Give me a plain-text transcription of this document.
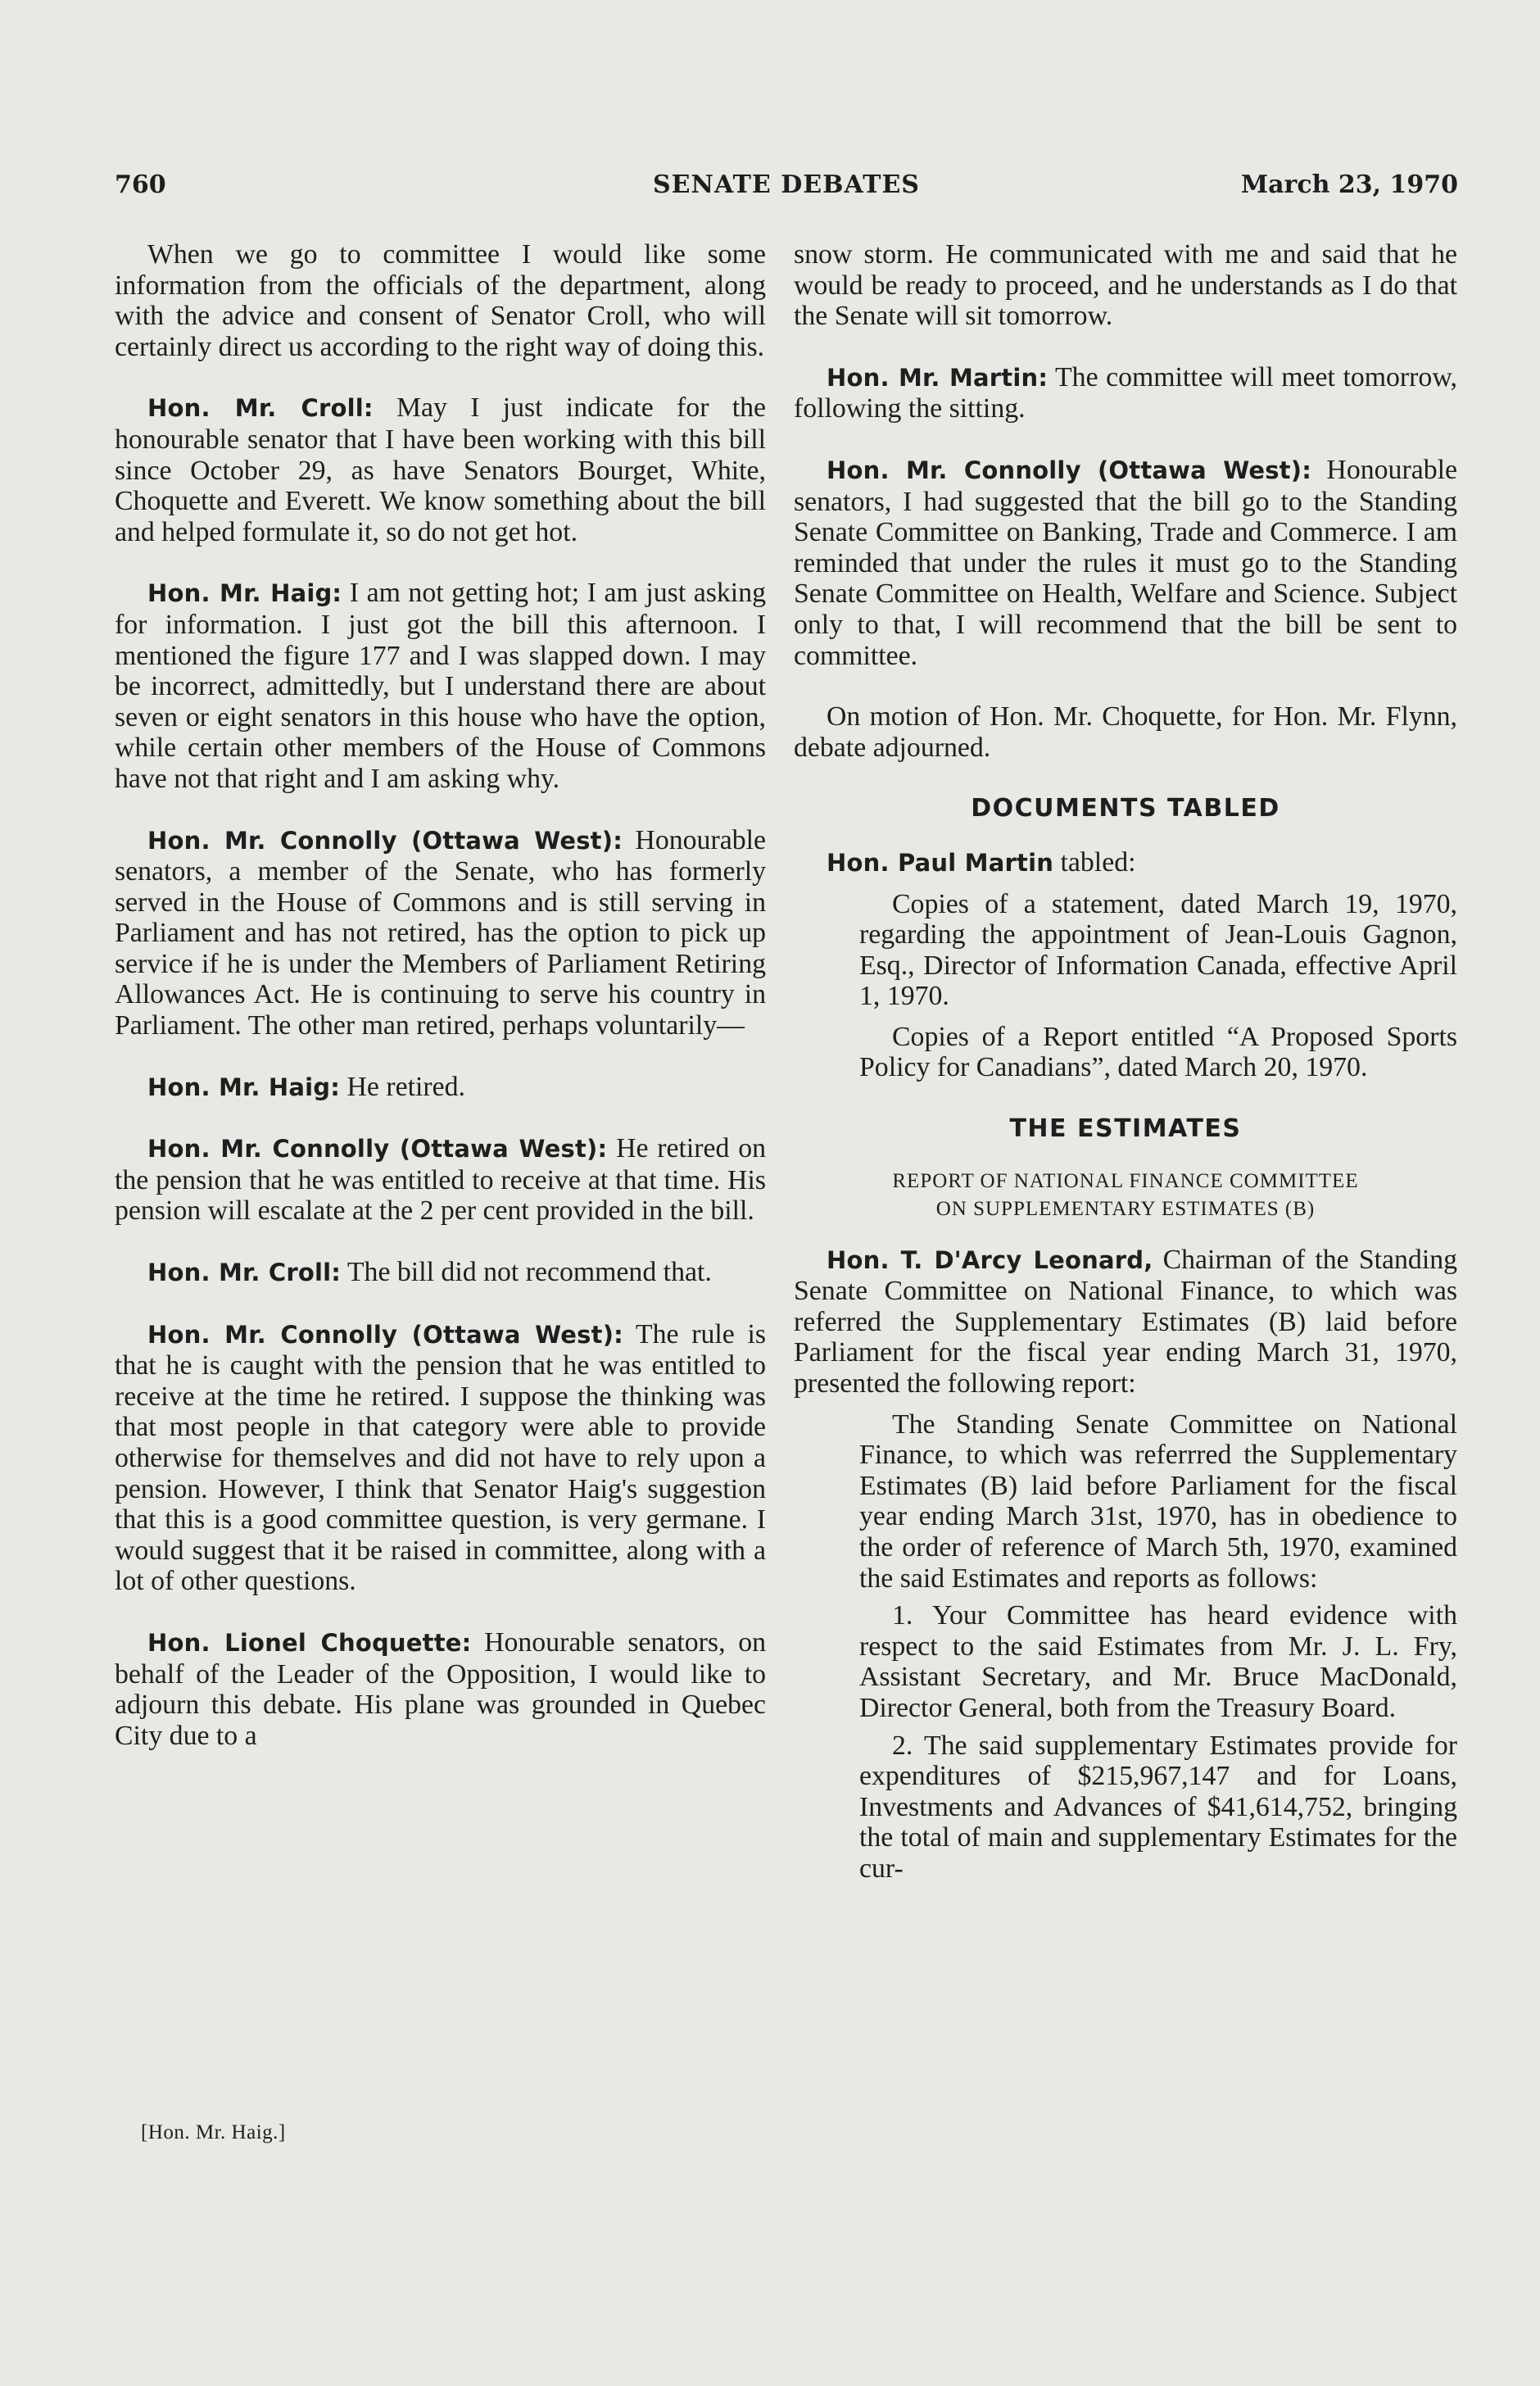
760	SENATE DEBATES	March 23, 1970

When we go to committee I would like some information from the officials of the department, along with the advice and consent of Senator Croll, who will certainly direct us according to the right way of doing this.

Hon. Mr. Croll: May I just indicate for the honourable senator that I have been working with this bill since October 29, as have Senators Bourget, White, Choquette and Everett. We know something about the bill and helped formulate it, so do not get hot.

Hon. Mr. Haig: I am not getting hot; I am just asking for information. I just got the bill this afternoon. I mentioned the figure 177 and I was slapped down. I may be incorrect, admittedly, but I understand there are about seven or eight senators in this house who have the option, while certain other members of the House of Commons have not that right and I am asking why.

Hon. Mr. Connolly (Ottawa West): Honourable senators, a member of the Senate, who has formerly served in the House of Commons and is still serving in Parliament and has not retired, has the option to pick up service if he is under the Members of Parliament Retiring Allowances Act. He is continuing to serve his country in Parliament. The other man retired, perhaps voluntarily—

Hon. Mr. Haig: He retired.

Hon. Mr. Connolly (Ottawa West): He retired on the pension that he was entitled to receive at that time. His pension will escalate at the 2 per cent provided in the bill.

Hon. Mr. Croll: The bill did not recommend that.

Hon. Mr. Connolly (Ottawa West): The rule is that he is caught with the pension that he was entitled to receive at the time he retired. I suppose the thinking was that most people in that category were able to provide otherwise for themselves and did not have to rely upon a pension. However, I think that Senator Haig's suggestion that this is a good committee question, is very germane. I would suggest that it be raised in committee, along with a lot of other questions.

Hon. Lionel Choquette: Honourable senators, on behalf of the Leader of the Opposition, I would like to adjourn this debate. His plane was grounded in Quebec City due to a

snow storm. He communicated with me and said that he would be ready to proceed, and he understands as I do that the Senate will sit tomorrow.

Hon. Mr. Martin: The committee will meet tomorrow, following the sitting.

Hon. Mr. Connolly (Ottawa West): Honourable senators, I had suggested that the bill go to the Standing Senate Committee on Banking, Trade and Commerce. I am reminded that under the rules it must go to the Standing Senate Committee on Health, Welfare and Science. Subject only to that, I will recommend that the bill be sent to committee.

On motion of Hon. Mr. Choquette, for Hon. Mr. Flynn, debate adjourned.

DOCUMENTS TABLED

Hon. Paul Martin tabled:

Copies of a statement, dated March 19, 1970, regarding the appointment of Jean-Louis Gagnon, Esq., Director of Information Canada, effective April 1, 1970.

Copies of a Report entitled “A Proposed Sports Policy for Canadians”, dated March 20, 1970.

THE ESTIMATES
REPORT OF NATIONAL FINANCE COMMITTEE
ON SUPPLEMENTARY ESTIMATES (B)

Hon. T. D'Arcy Leonard, Chairman of the Standing Senate Committee on National Finance, to which was referred the Supplementary Estimates (B) laid before Parliament for the fiscal year ending March 31, 1970, presented the following report:

The Standing Senate Committee on National Finance, to which was referrred the Supplementary Estimates (B) laid before Parliament for the fiscal year ending March 31st, 1970, has in obedience to the order of reference of March 5th, 1970, examined the said Estimates and reports as follows:

1. Your Committee has heard evidence with respect to the said Estimates from Mr. J. L. Fry, Assistant Secretary, and Mr. Bruce MacDonald, Director General, both from the Treasury Board.

2. The said supplementary Estimates provide for expenditures of $215,967,147 and for Loans, Investments and Advances of $41,614,752, bringing the total of main and supplementary Estimates for the cur-

[Hon. Mr. Haig.]
